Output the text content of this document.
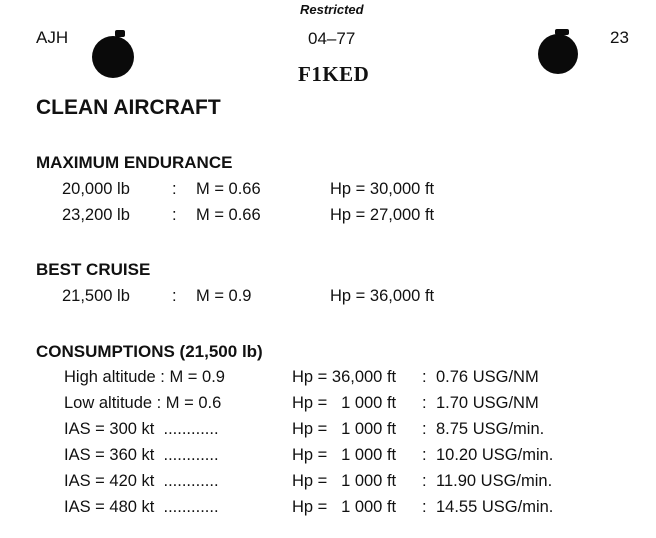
Restricted
AJH	04–77	23
F1KED
CLEAN AIRCRAFT
MAXIMUM ENDURANCE
20,000 lb	: M = 0.66	Hp = 30,000 ft
23,200 lb	: M = 0.66	Hp = 27,000 ft
BEST CRUISE
21,500 lb	: M = 0.9	Hp = 36,000 ft
CONSUMPTIONS (21,500 lb)
High altitude : M = 0.9	Hp = 36,000 ft : 0.76 USG/NM
Low altitude : M = 0.6	Hp =   1 000 ft : 1.70 USG/NM
IAS = 300 kt  ............	Hp =   1 000 ft : 8.75 USG/min.
IAS = 360 kt  ............	Hp =   1 000 ft : 10.20 USG/min.
IAS = 420 kt  ............	Hp =   1 000 ft : 11.90 USG/min.
IAS = 480 kt  ............	Hp =   1 000 ft : 14.55 USG/min.
